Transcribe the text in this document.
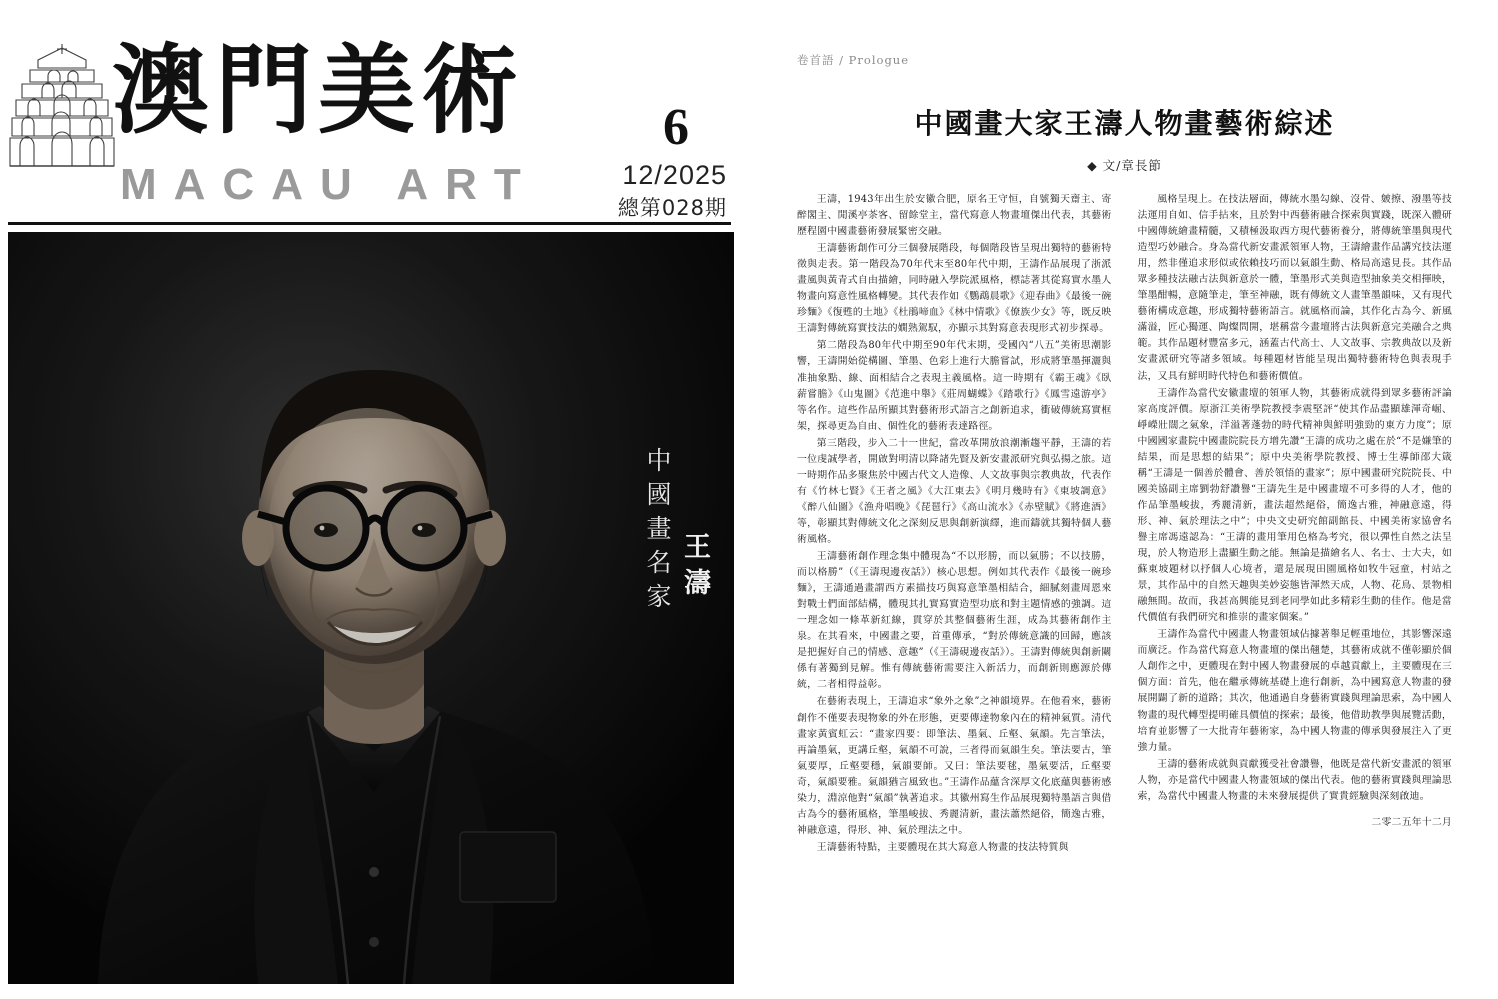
澳門美術
MACAU ART
6
12/2025
總第028期
中國畫名家 王濤
卷首語 / Prologue
中國畫大家王濤人物畫藝術綜述
◆ 文/章長節

王濤，1943年出生於安徽合肥，原名王守恒，自號獨天齋主、寄醉閣主、閒溪亭茶客、留餘堂主，當代寫意人物畫壇傑出代表，其藝術歷程園中國畫藝術發展緊密交融。

王濤藝術創作可分三個發展階段，每個階段皆呈現出獨特的藝術特徵與走表。第一階段為70年代末至80年代中期，王濤作品展現了浙派畫風與黃青式自由描繪，同時融入學院派風格，標誌著其從寫實水墨人物畫向寫意性風格轉變。其代表作如《鸚鵡晨歌》《迎春曲》《最後一碗珍麵》《復甦的土地》《杜鵑啼血》《林中情歌》《僚族少女》等，既反映王濤對傳統寫實技法的嫺熟駕馭，亦顯示其對寫意表現形式初步探尋。

第二階段為80年代中期至90年代末期，受國內“八五”美術思潮影響，王濤開始從構圖、筆墨、色彩上進行大膽嘗試，形成將筆墨揮灑與准抽象點、線、面相結合之表現主義風格。這一時期有《霸王魂》《臥薪嘗膽》《山鬼圖》《范進中舉》《莊周蝴蝶》《踏歌行》《鳳雪遠游亭》等名作。這些作品所顯其對藝術形式語言之創新追求，衝破傳統寫實框架，探尋更為自由、個性化的藝術表達路徑。

第三階段，步入二十一世紀，當改革開放浪潮漸趨平靜，王濤的若一位虔誠學者，開啟對明清以降諸先賢及新安畫派研究與弘揚之旅。這一時期作品多聚焦於中國古代文人造像、人文故事與宗教典故，代表作有《竹林七賢》《王者之風》《大江東去》《明月幾時有》《東坡調意》《醉八仙圖》《漁舟唱晚》《琵琶行》《高山流水》《赤壁賦》《將進酒》等，彰顯其對傳統文化之深刻反思與創新演繹，進而鑄就其獨特個人藝術風格。

王濤藝術創作理念集中體現為“不以形勝，而以氣勝；不以技勝，而以格勝”（《王濤現邊夜話》）核心思想。例如其代表作《最後一碗珍麵》，王濤通過畫謂西方素描技巧與寫意筆墨相結合，細膩刻畫周恩來對戰士們面部結構，體現其扎實寫實造型功底和對主題情感的強調。這一理念如一條革新紅線，貫穿於其整個藝術生涯，成為其藝術創作主泉。在其看來，中國畫之要，首重傳承，“對於傳統意識的回歸，應該是把握好自己的情感、意趣”（《王濤硯邊夜話》）。王濤對傳統與創新關係有著獨到見解。惟有傳統藝術需要注入新活力，而創新則應源於傳統，二者相得益彰。

在藝術表現上，王濤追求“象外之象”之神韻境界。在他看來，藝術創作不僅要表現物象的外在形態，更要傳達物象內在的精神氣質。清代畫家黃賓虹云：“畫家四要：即筆法、墨氣、丘壑、氣韻。先言筆法，再論墨氣，更講丘壑，氣韻不可說，三者得而氣韻生矣。筆法要古，筆氣要厚，丘壑要穩，氣韻要師。又曰：筆法要毬，墨氣要活，丘壑要奇，氣韻要雅。氣韻猶言風致也。”王濤作品蘊含深厚文化底蘊與藝術感染力，淵涼他對“氣韻”執著追求。其徽州寫生作品展現獨特墨語言與借古為今的藝術風格，筆墨峻拔、秀麗清新，畫法蕭然絕俗，簡逸古雅，神融意遠，得形、神、氣於理法之中。

王濤藝術特點，主要體現在其大寫意人物畫的技法特質與

風格呈現上。在技法層面，傳統水墨勾線、沒骨、皴擦、潑墨等技法運用自如、信手拈來，且於對中西藝術融合探索與實踐，既深入體研中國傳統繪畫精髓，又積極汲取西方現代藝術養分，將傳統筆墨與現代造型巧妙融合。身為當代新安畫派領軍人物，王濤繪畫作品講究技法運用，然非僅追求形似或依賴技巧而以氣韻生動、格局高遠見長。其作品眾多種技法融古法與新意於一體，筆墨形式美與造型抽象美交相揮映，筆墨酣暢，意隨筆走，筆至神融，既有傳統文人畫筆墨韻味，又有現代藝術構成意趣，形成獨特藝術語言。就風格而論，其作化古為今、新風滿溢，匠心獨運、陶燦問開，堪稱當今畫壇將古法與新意完美融合之典範。其作品題材豐富多元，涵蓋古代高士、人文故事、宗教典故以及新安畫派研究等諸多領域。每種題材皆能呈現出獨特藝術特色與表現手法，又具有鮮明時代特色和藝術價值。

王濤作為當代安徽畫壇的領軍人物，其藝術成就得到眾多藝術評論家高度評價。原浙江美術學院教授李震堅評“使其作品盡顯雄渾奇崛、崢嶸壯闊之氣象，洋溢著蓬勃的時代精神與鮮明強勁的東方力度”；原中國國家畫院中國畫院院長方增先讚“王濤的成功之處在於“不是嫌筆的結果，而是思想的結果”；原中央美術學院教授、博士生導師邵大箴稱“王濤是一個善於體會、善於領悟的畫家”；原中國畫研究院院長、中國美協副主席劉勃舒讚譽“王濤先生是中國畫壇不可多得的人才，他的作品筆墨峻拔，秀麗清新，畫法超然絕俗，簡逸古雅，神融意遠，得形、神、氣於理法之中”；中央文史研究館副館長、中國美術家協會名譽主席馮遠認為：“王濤的畫用筆用色格為考究，很以彈性自然之法呈現，於人物造形上盡顯生動之能。無論是描繪名人、名士、士大夫，如蘇東坡題材以抒個人心境者，還是展現田園風格如牧牛冠童，村站之景，其作品中的自然天趣與美妙姿態皆渾然天成，人物、花鳥、景物相融無間。故而，我甚高興能見到老同學如此多精彩生動的佳作。他是當代價值有我們研究和推崇的畫家個案。”

王濤作為當代中國畫人物畫領域佔據著舉足輕重地位，其影響深遠而廣泛。作為當代寫意人物畫壇的傑出翹楚，其藝術成就不僅彰顯於個人創作之中，更體現在對中國人物畫發展的卓越貢獻上，主要體現在三個方面：首先，他在繼承傳統基礎上進行創新，為中國寫意人物畫的發展開闢了新的道路；其次，他通過自身藝術實踐與理論思索，為中國人物畫的現代轉型提明確具價值的探索；最後，他借助教學與展覽活動，培育並影響了一大批青年藝術家，為中國人物畫的傳承與發展注入了更強力量。

王濤的藝術成就與貢獻獲受社會讚譽，他既是當代新安畫派的領軍人物，亦是當代中國畫人物畫領域的傑出代表。他的藝術實踐與理論思索，為當代中國畫人物畫的未來發展提供了實貴經驗與深刻啟迪。

二零二五年十二月
